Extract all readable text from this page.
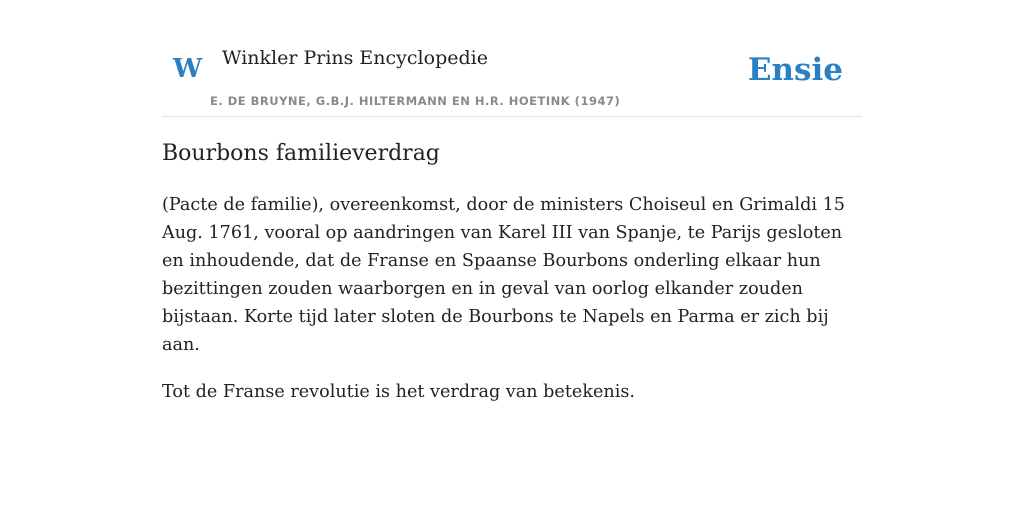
W Winkler Prins Encyclopedie
E. DE BRUYNE, G.B.J. HILTERMANN EN H.R. HOETINK (1947)
Ensie
Bourbons familieverdrag

(Pacte de familie), overeenkomst, door de ministers Choiseul en Grimaldi 15 Aug. 1761, vooral op aandringen van Karel III van Spanje, te Parijs gesloten en inhoudende, dat de Franse en Spaanse Bourbons onderling elkaar hun bezittingen zouden waarborgen en in geval van oorlog elkander zouden bijstaan. Korte tijd later sloten de Bourbons te Napels en Parma er zich bij aan.

Tot de Franse revolutie is het verdrag van betekenis.
